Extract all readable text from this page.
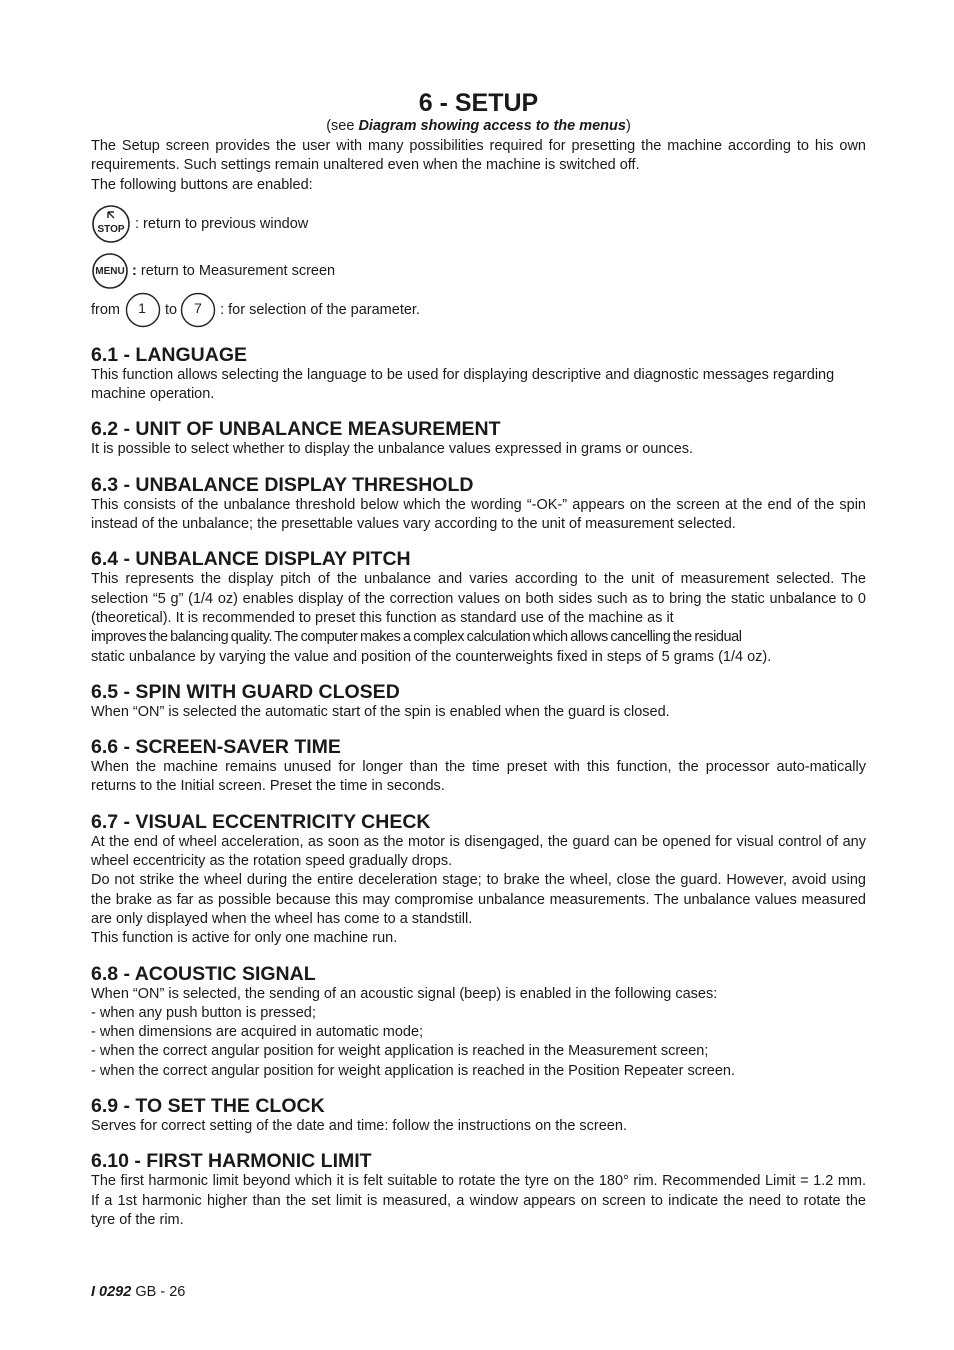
6 - SETUP
(see Diagram showing access to the menus)

The Setup screen provides the user with many possibilities required for presetting the machine according to his own requirements. Such settings remain unaltered even when the machine is switched off.

The following buttons are enabled:

STOP : return to previous window
MENU : return to Measurement screen
from 1 to 7 : for selection of the parameter.
6.1 - LANGUAGE

This function allows selecting the language to be used for displaying descriptive and diagnostic messages regarding machine operation.

6.2 - UNIT OF UNBALANCE MEASUREMENT

It is possible to select whether to display the unbalance values expressed in grams or ounces.

6.3 - UNBALANCE DISPLAY THRESHOLD

This consists of the unbalance threshold below which the wording “-OK-” appears on the screen at the end of the spin instead of the unbalance; the presettable values vary according to the unit of measurement selected.

6.4 - UNBALANCE DISPLAY PITCH

This represents the display pitch of the unbalance and varies according to the unit of measurement selected. The selection “5 g” (1/4 oz) enables display of the correction values on both sides such as to bring the static unbalance to 0 (theoretical). It is recommended to preset this function as standard use of the machine as it

improves the balancing quality. The computer makes a complex calculation which allows cancelling the residual

static unbalance by varying the value and position of the counterweights fixed in steps of 5 grams (1/4 oz).

6.5 - SPIN WITH GUARD CLOSED

When “ON” is selected the automatic start of the spin is enabled when the guard is closed.

6.6 - SCREEN-SAVER TIME

When the machine remains unused for longer than the time preset with this function, the processor auto-matically returns to the Initial screen. Preset the time in seconds.

6.7 - VISUAL ECCENTRICITY CHECK

At the end of wheel acceleration, as soon as the motor is disengaged, the guard can be opened for visual control of any wheel eccentricity as the rotation speed gradually drops.

Do not strike the wheel during the entire deceleration stage; to brake the wheel, close the guard. However, avoid using the brake as far as possible because this may compromise unbalance measurements. The unbalance values measured are only displayed when the wheel has come to a standstill.

This function is active for only one machine run.

6.8 - ACOUSTIC SIGNAL

When “ON” is selected, the sending of an acoustic signal (beep) is enabled in the following cases:

- when any push button is pressed;

- when dimensions are acquired in automatic mode;

- when the correct angular position for weight application is reached in the Measurement screen;

- when the correct angular position for weight application is reached in the Position Repeater screen.

6.9 - TO SET THE CLOCK

Serves for correct setting of the date and time: follow the instructions on the screen.

6.10 - FIRST HARMONIC LIMIT

The first harmonic limit beyond which it is felt suitable to rotate the tyre on the 180° rim. Recommended Limit = 1.2 mm. If a 1st harmonic higher than the set limit is measured, a window appears on screen to indicate the need to rotate the tyre of the rim.

I 0292 GB - 26
